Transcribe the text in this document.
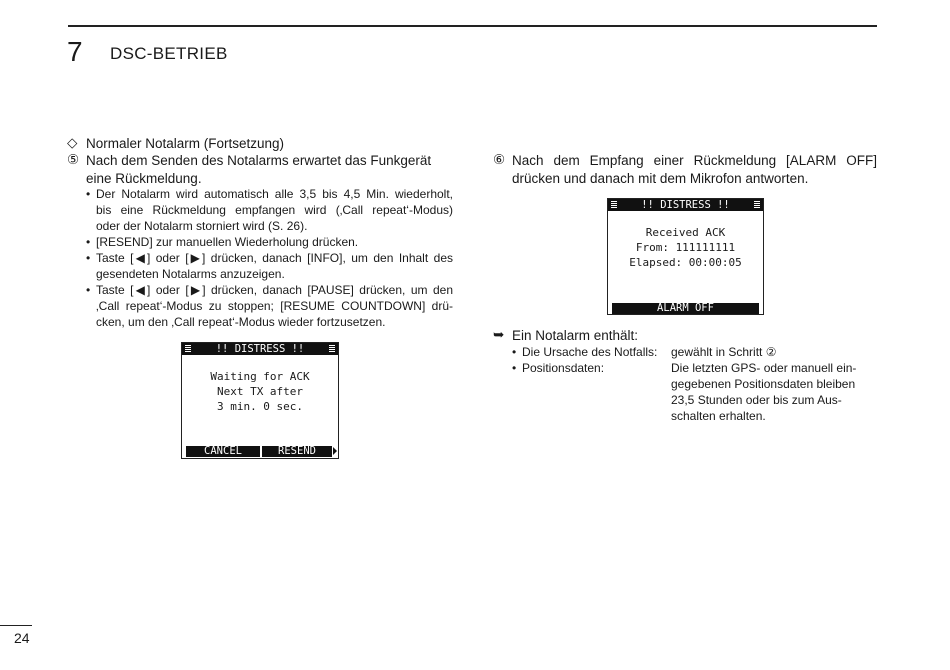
7 DSC-BETRIEB
◇ Normaler Notalarm (Fortsetzung)
⑤ Nach dem Senden des Notalarms erwartet das Funkgerät
eine Rückmeldung.
• Der Notalarm wird automatisch alle 3,5 bis 4,5 Min. wiederholt,
bis eine Rückmeldung empfangen wird (‚Call repeat‘-Modus)
oder der Notalarm storniert wird (S. 26).
• [RESEND] zur manuellen Wiederholung drücken.
• Taste [◀] oder [▶] drücken, danach [INFO], um den Inhalt des
gesendeten Notalarms anzuzeigen.
• Taste [◀] oder [▶] drücken, danach [PAUSE] drücken, um den
‚Call repeat‘-Modus zu stoppen; [RESUME COUNTDOWN] drü-
cken, um den ‚Call repeat‘-Modus wieder fortzusetzen.
!! DISTRESS !!
Waiting for ACK
Next TX after
3 min. 0 sec.
CANCEL	RESEND
⑥ Nach dem Empfang einer Rückmeldung [ALARM OFF]
drücken und danach mit dem Mikrofon antworten.
!! DISTRESS !!
Received ACK
From: 111111111
Elapsed: 00:00:05
ALARM OFF
➥ Ein Notalarm enthält:
• Die Ursache des Notfalls: gewählt in Schritt ②
• Positionsdaten:	Die letzten GPS- oder manuell ein-
gegebenen Positionsdaten bleiben
23,5 Stunden oder bis zum Aus-
schalten erhalten.
24
